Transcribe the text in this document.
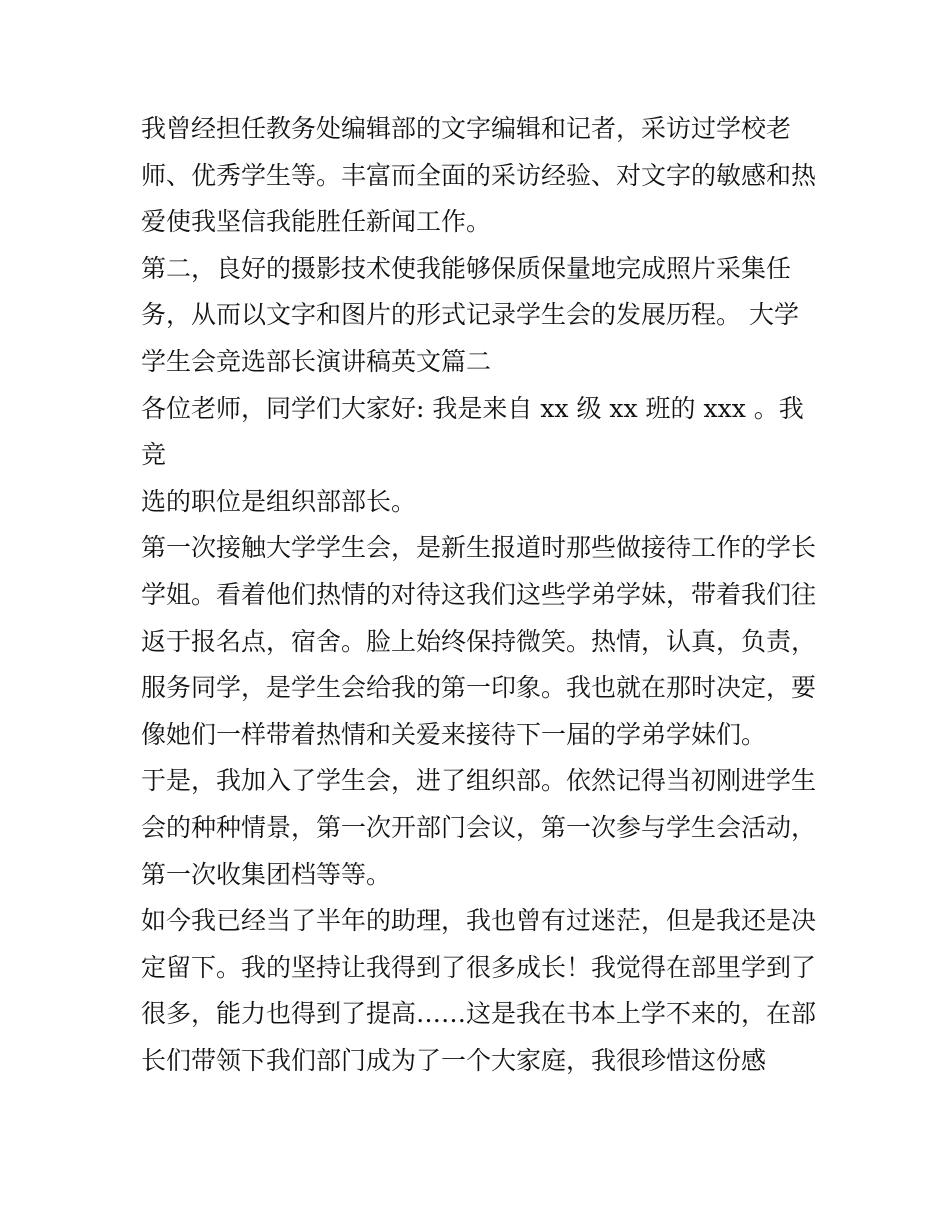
我曾经担任教务处编辑部的文字编辑和记者，采访过学校老
师、优秀学生等。丰富而全面的采访经验、对文字的敏感和热
爱使我坚信我能胜任新闻工作。

第二，良好的摄影技术使我能够保质保量地完成照片采集任
务，从而以文字和图片的形式记录学生会的发展历程。 大学
学生会竞选部长演讲稿英文篇二

各位老师，同学们大家好: 我是来自 xx 级 xx 班的 xxx 。我竞
选的职位是组织部部长。

第一次接触大学学生会，是新生报道时那些做接待工作的学长
学姐。看着他们热情的对待这我们这些学弟学妹，带着我们往
返于报名点，宿舍。脸上始终保持微笑。热情，认真，负责，
服务同学，是学生会给我的第一印象。我也就在那时决定，要
像她们一样带着热情和关爱来接待下一届的学弟学妹们。

于是，我加入了学生会，进了组织部。依然记得当初刚进学生
会的种种情景，第一次开部门会议，第一次参与学生会活动，
第一次收集团档等等。

如今我已经当了半年的助理，我也曾有过迷茫，但是我还是决
定留下。我的坚持让我得到了很多成长！我觉得在部里学到了
很多，能力也得到了提高……这是我在书本上学不来的，在部
长们带领下我们部门成为了一个大家庭，我很珍惜这份感
